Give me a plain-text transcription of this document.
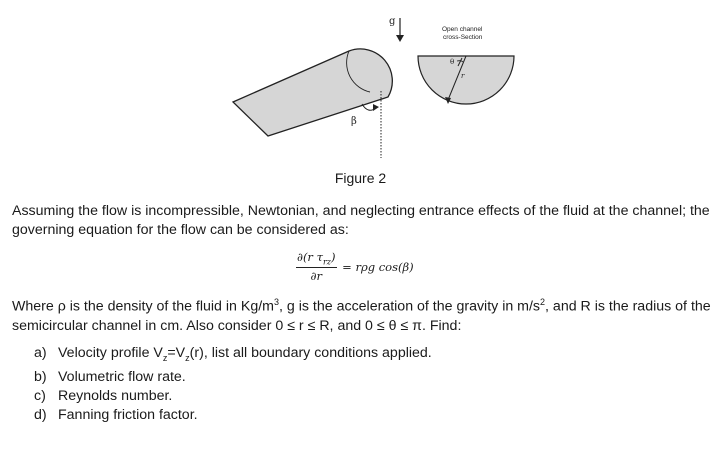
β
g
θ
r
Open channel
cross-Section
Figure 2
Assuming the flow is incompressible, Newtonian, and neglecting entrance effects of the fluid at the channel; the governing equation for the flow can be considered as:
$\frac{\partial(r \tau_{rz})}{\partial r} = r\rho g$ cos(β)
Where ρ is the density of the fluid in $Kg/m^3$, g is the acceleration of the gravity in $m/s^2$, and R is the radius of the semicircular channel in cm. Also consider 0 ≤ r ≤ R, and 0 ≤ θ ≤ π. Find:
a) Velocity profile $V_z=V_z(r)$, list all boundary conditions applied.
b) Volumetric flow rate.
c) Reynolds number.
d) Fanning friction factor.
